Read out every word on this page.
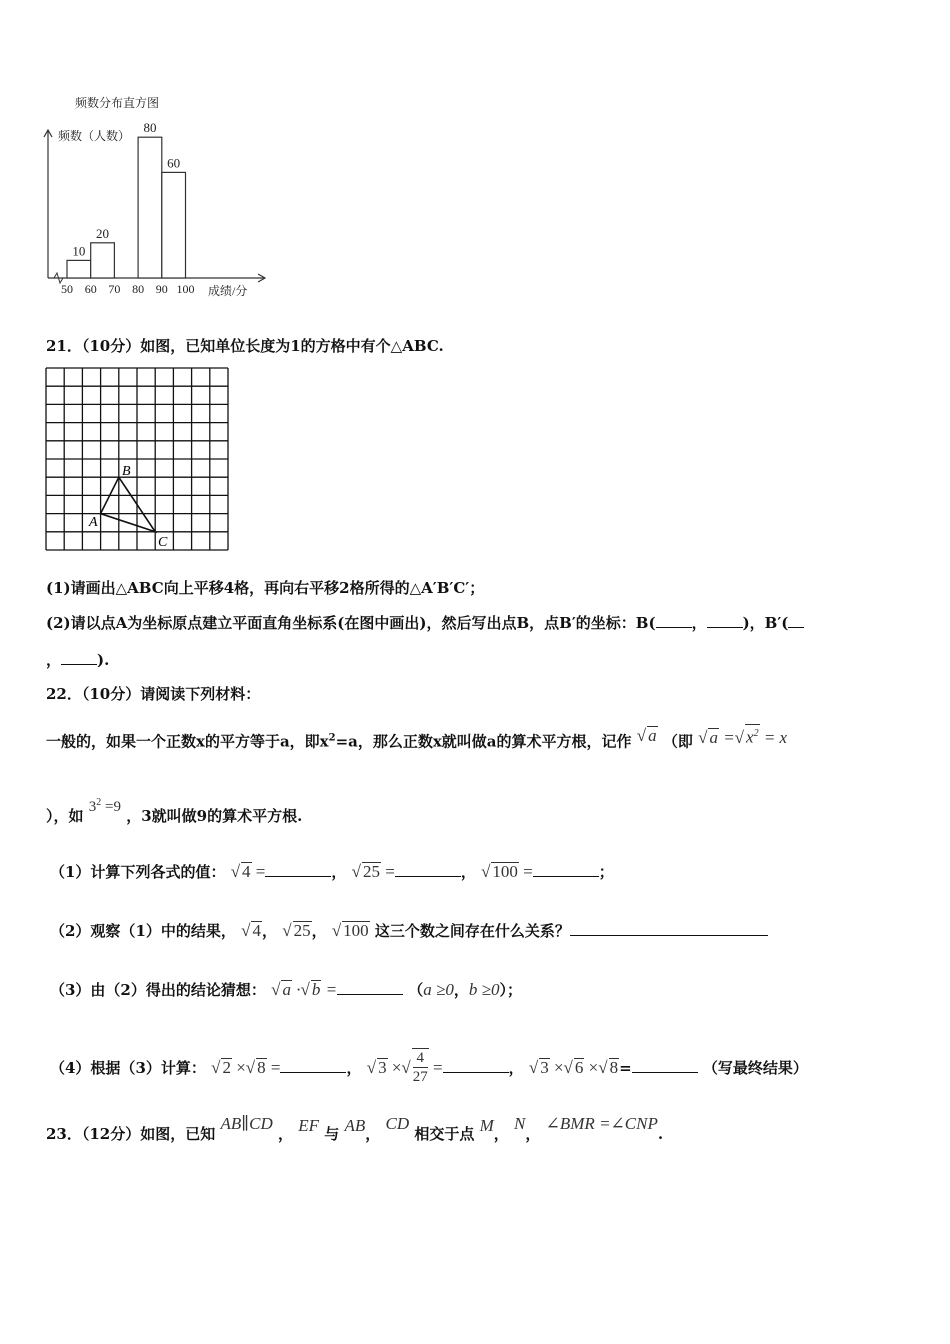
频数分布直方图
频数（人数）
10
20
80
60
50 60 70 80 90 100 成绩/分
21．（10分）如图，已知单位长度为1的方格中有个△ABC.
B
A
C
(1)请画出△ABC向上平移4格，再向右平移2格所得的△A′B′C′；
(2)请以点A为坐标原点建立平面直角坐标系(在图中画出)，然后写出点B，点B′的坐标：B( ， )，B′(
， ).
22．（10分）请阅读下列材料：
一般的，如果一个正数x的平方等于a，即$x^2=a$，那么正数x就叫做a的算术平方根，记作 √ a （即 √ a =√ $x^2 = x$
），如 $3^2 =9$ ，3就叫做9的算术平方根.
（1）计算下列各式的值： √ 4 =	， √ 25 =	， √ 100 =	；
（2）观察（1）中的结果， √ 4， √ 25， √ 100 这三个数之间存在什么关系？
（3）由（2）得出的结论猜想： √ a ·√ b =	（a ≥0，b ≥0）；
（4）根据（3）计算： √ 2 ×√ 8 =	， √ 3 ×√ $\frac{4}{27}$ =	， √ 3 ×√ 6 ×√ 8=	（写最终结果）
23．（12分）如图，已知 AB∥CD ， EF 与 AB， CD 相交于点 M， N， ∠BMR =∠CNP.
